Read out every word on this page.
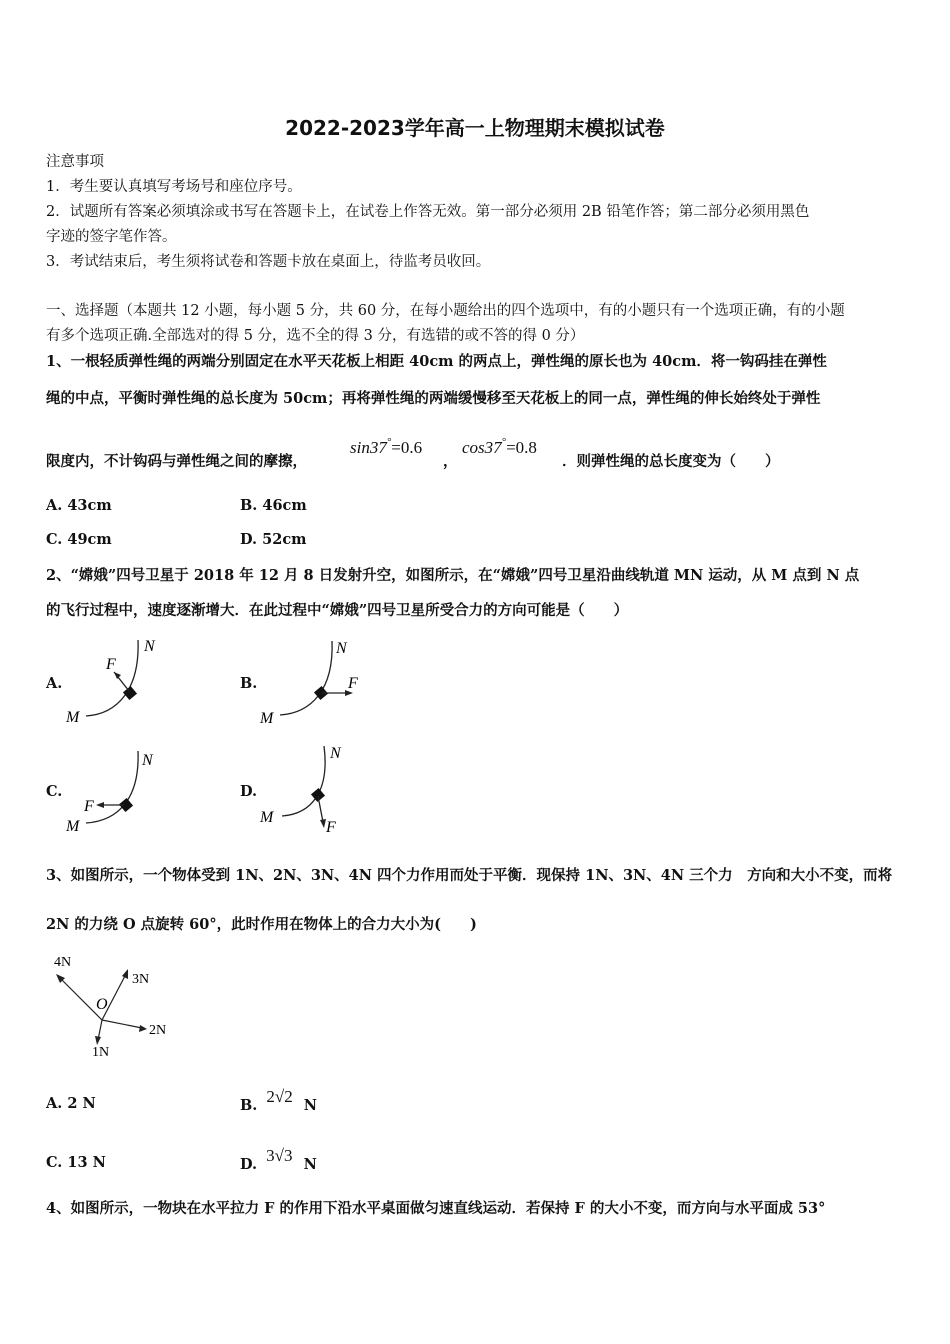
2022-2023学年高一上物理期末模拟试卷
注意事项
1．考生要认真填写考场号和座位序号。
2．试题所有答案必须填涂或书写在答题卡上，在试卷上作答无效。第一部分必须用 2B 铅笔作答；第二部分必须用黑色
字迹的签字笔作答。
3．考试结束后，考生须将试卷和答题卡放在桌面上，待监考员收回。
一、选择题（本题共 12 小题，每小题 5 分，共 60 分，在每小题给出的四个选项中，有的小题只有一个选项正确，有的小题
有多个选项正确.全部选对的得 5 分，选不全的得 3 分，有选错的或不答的得 0 分）
1、一根轻质弹性绳的两端分别固定在水平天花板上相距 40cm 的两点上，弹性绳的原长也为 40cm．将一钩码挂在弹性
绳的中点，平衡时弹性绳的总长度为 50cm；再将弹性绳的两端缓慢移至天花板上的同一点，弹性绳的伸长始终处于弹性
限度内，不计钩码与弹性绳之间的摩擦，
sin37°=0.6
，
cos37°=0.8
．则弹性绳的总长度变为（　　）
A. 43cm	B. 46cm
C. 49cm	D. 52cm
2、“嫦娥”四号卫星于 2018 年 12 月 8 日发射升空，如图所示，在“嫦娥”四号卫星沿曲线轨道 MN 运动，从 M 点到 N 点
的飞行过程中，速度逐渐增大．在此过程中“嫦娥”四号卫星所受合力的方向可能是（　　）
A.	B.
C.	D.
F
N
M
F
N
M
F
N
M	F
N
M
3、如图所示，一个物体受到 1N、2N、3N、4N 四个力作用而处于平衡．现保持 1N、3N、4N 三个力　方向和大小不变，而将
2N 的力绕 O 点旋转 60°，此时作用在物体上的合力大小为(　　)
4N
3N
2N
1N
O
A. 2 N	B. 2√2 N
C. 13 N	D. 3√3 N
4、如图所示，一物块在水平拉力 F 的作用下沿水平桌面做匀速直线运动．若保持 F 的大小不变，而方向与水平面成 53°
